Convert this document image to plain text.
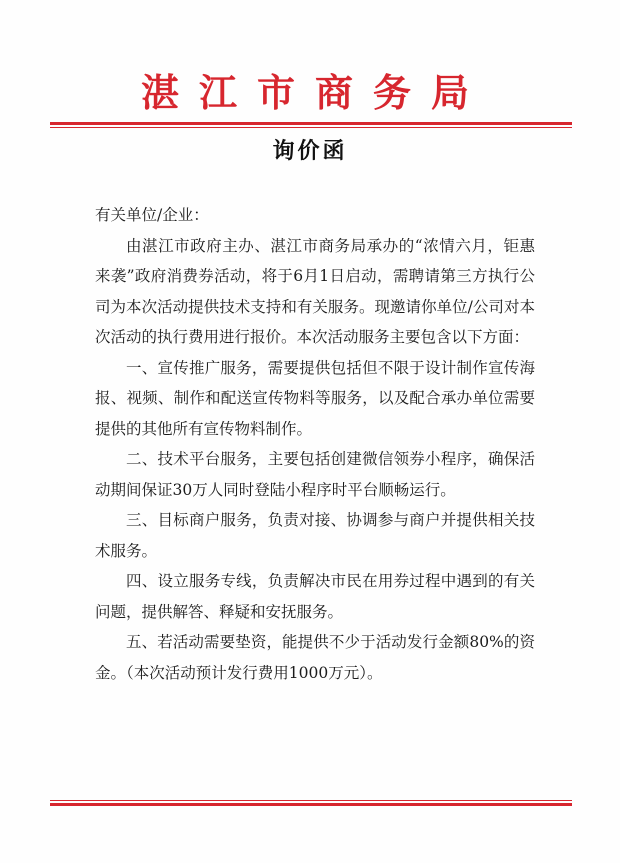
湛江市商务局
询价函

有关单位/企业：

由湛江市政府主办、湛江市商务局承办的“浓情六月，钜惠来袭”政府消费券活动，将于6月1日启动，需聘请第三方执行公司为本次活动提供技术支持和有关服务。现邀请你单位/公司对本次活动的执行费用进行报价。本次活动服务主要包含以下方面：

一、宣传推广服务，需要提供包括但不限于设计制作宣传海报、视频、制作和配送宣传物料等服务，以及配合承办单位需要提供的其他所有宣传物料制作。

二、技术平台服务，主要包括创建微信领券小程序，确保活动期间保证30万人同时登陆小程序时平台顺畅运行。

三、目标商户服务，负责对接、协调参与商户并提供相关技术服务。

四、设立服务专线，负责解决市民在用券过程中遇到的有关问题，提供解答、释疑和安抚服务。

五、若活动需要垫资，能提供不少于活动发行金额80%的资金。（本次活动预计发行费用1000万元）。
